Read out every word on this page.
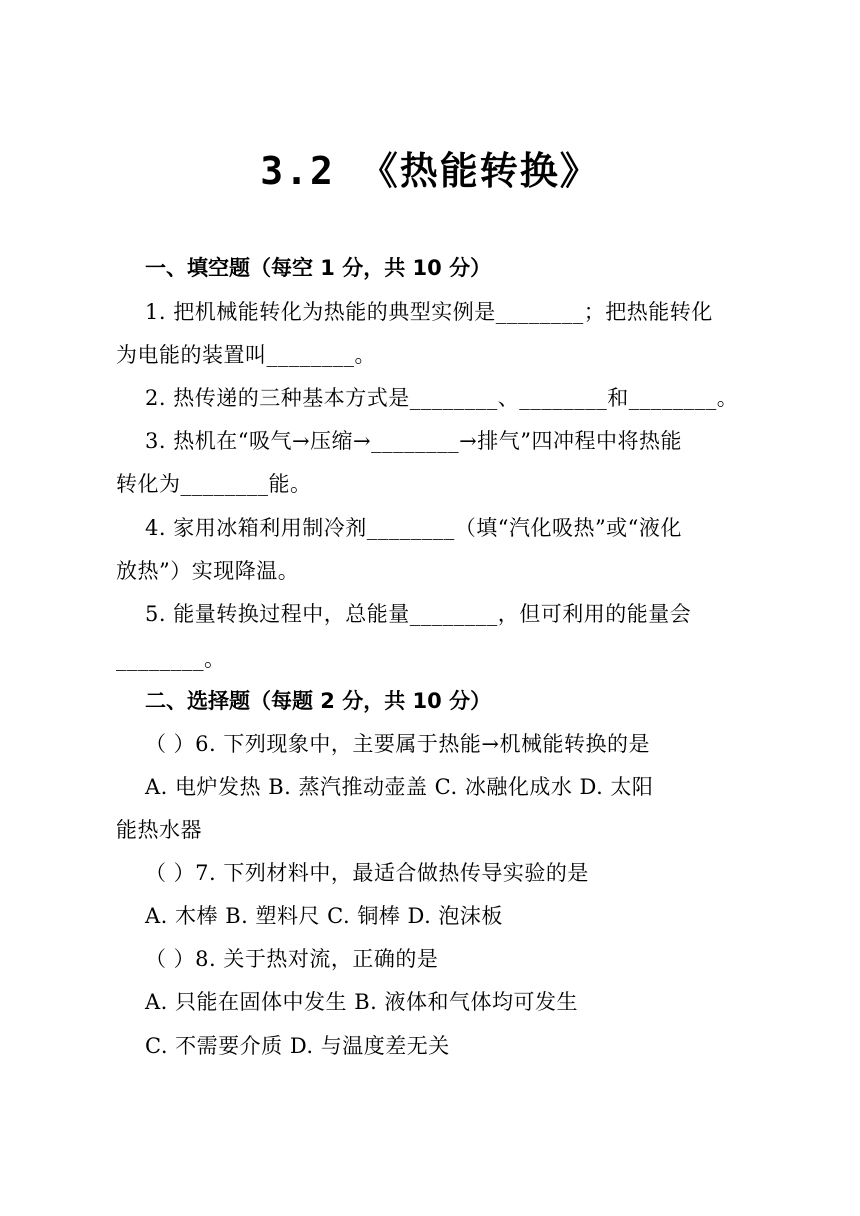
3.2 《热能转换》
一、填空题（每空 1 分，共 10 分）
1. 把机械能转化为热能的典型实例是________；把热能转化
为电能的装置叫________。
2. 热传递的三种基本方式是________、________和________。
3. 热机在“吸气→压缩→________→排气”四冲程中将热能
转化为________能。
4. 家用冰箱利用制冷剂________（填“汽化吸热”或“液化
放热”）实现降温。
5. 能量转换过程中，总能量________，但可利用的能量会
________。
二、选择题（每题 2 分，共 10 分）
（ ）6. 下列现象中，主要属于热能→机械能转换的是
A. 电炉发热 B. 蒸汽推动壶盖 C. 冰融化成水 D. 太阳
能热水器
（ ）7. 下列材料中，最适合做热传导实验的是
A. 木棒 B. 塑料尺 C. 铜棒 D. 泡沫板
（ ）8. 关于热对流，正确的是
A. 只能在固体中发生 B. 液体和气体均可发生
C. 不需要介质 D. 与温度差无关
